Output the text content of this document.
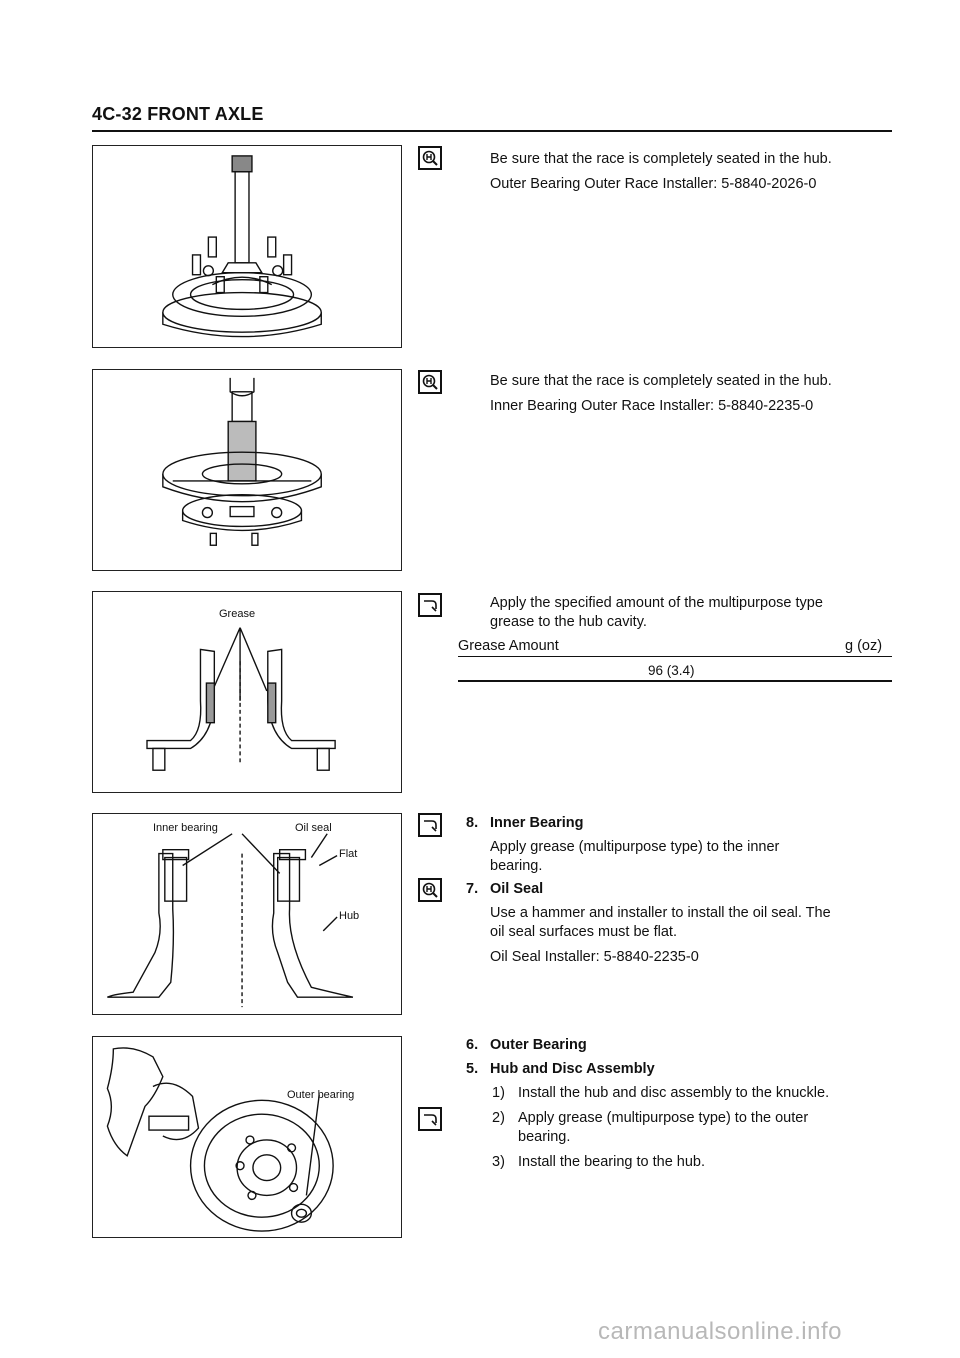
4C-32 FRONT AXLE
Grease
Inner bearing	Oil seal
Flat
Hub
Outer bearing
Be sure that the race is completely seated in the hub.
Outer Bearing Outer Race Installer: 5-8840-2026-0
Be sure that the race is completely seated in the hub.
Inner Bearing Outer Race Installer: 5-8840-2235-0
Apply the specified amount of the multipurpose type
grease to the hub cavity.
Grease Amount	g (oz)
96 (3.4)
8. Inner Bearing
Apply grease (multipurpose type) to the inner
bearing.
7. Oil Seal
Use a hammer and installer to install the oil seal. The
oil seal surfaces must be flat.
Oil Seal Installer: 5-8840-2235-0
6. Outer Bearing
5. Hub and Disc Assembly
1) Install the hub and disc assembly to the knuckle.
2) Apply grease (multipurpose type) to the outer
bearing.
3) Install the bearing to the hub.
carmanualsonline.info
